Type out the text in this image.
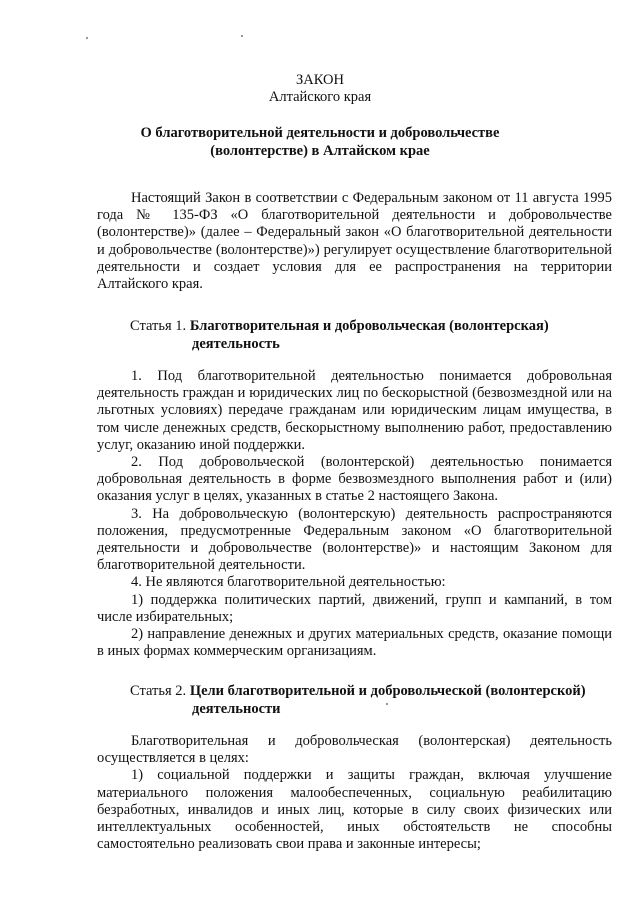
ЗАКОН
Алтайского края
О благотворительной деятельности и добровольчестве
(волонтерстве) в Алтайском крае

Настоящий Закон в соответствии с Федеральным законом от 11 августа 1995 года № 135-ФЗ «О благотворительной деятельности и добровольчестве (волонтерстве)» (далее – Федеральный закон «О благотворительной деятельности и добровольчестве (волонтерстве)») регулирует осуществление благотворительной деятельности и создает условия для ее распространения на территории Алтайского края.

Статья 1. Благотворительная и добровольческая (волонтерская)
деятельность

1. Под благотворительной деятельностью понимается добровольная деятельность граждан и юридических лиц по бескорыстной (безвозмездной или на льготных условиях) передаче гражданам или юридическим лицам имущества, в том числе денежных средств, бескорыстному выполнению работ, предоставлению услуг, оказанию иной поддержки.

2. Под добровольческой (волонтерской) деятельностью понимается добровольная деятельность в форме безвозмездного выполнения работ и (или) оказания услуг в целях, указанных в статье 2 настоящего Закона.

3. На добровольческую (волонтерскую) деятельность распространяются положения, предусмотренные Федеральным законом «О благотворительной деятельности и добровольчестве (волонтерстве)» и настоящим Законом для благотворительной деятельности.

4. Не являются благотворительной деятельностью:

1) поддержка политических партий, движений, групп и кампаний, в том числе избирательных;

2) направление денежных и других материальных средств, оказание помощи в иных формах коммерческим организациям.

Статья 2. Цели благотворительной и добровольческой (волонтерской)
деятельности

Благотворительная и добровольческая (волонтерская) деятельность осуществляется в целях:

1) социальной поддержки и защиты граждан, включая улучшение материального положения малообеспеченных, социальную реабилитацию безработных, инвалидов и иных лиц, которые в силу своих физических или интеллектуальных особенностей, иных обстоятельств не способны самостоятельно реализовать свои права и законные интересы;
